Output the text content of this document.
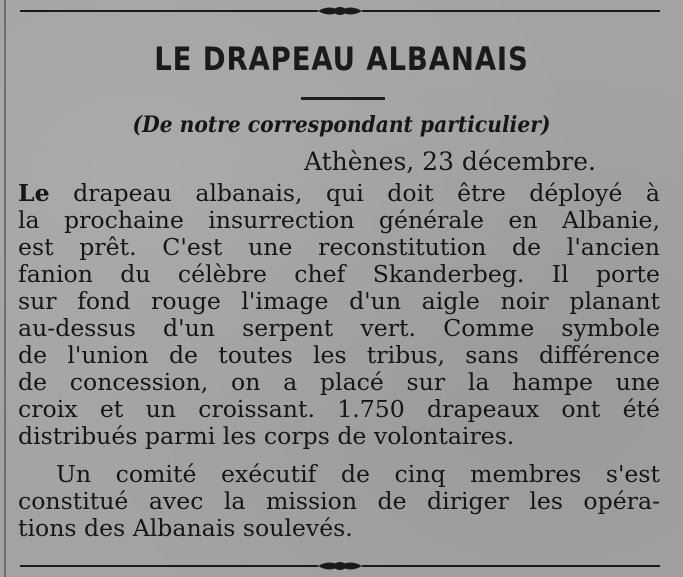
LE DRAPEAU ALBANAIS
(De notre correspondant particulier)
Athènes, 23 décembre.
Le drapeau albanais, qui doit être déployé à
la prochaine insurrection générale en Albanie,
est prêt. C'est une reconstitution de l'ancien
fanion du célèbre chef Skanderbeg. Il porte
sur fond rouge l'image d'un aigle noir planant
au-dessus d'un serpent vert. Comme symbole
de l'union de toutes les tribus, sans différence
de concession, on a placé sur la hampe une
croix et un croissant. 1.750 drapeaux ont été
distribués parmi les corps de volontaires.
Un comité exécutif de cinq membres s'est
constitué avec la mission de diriger les opéra-
tions des Albanais soulevés.
